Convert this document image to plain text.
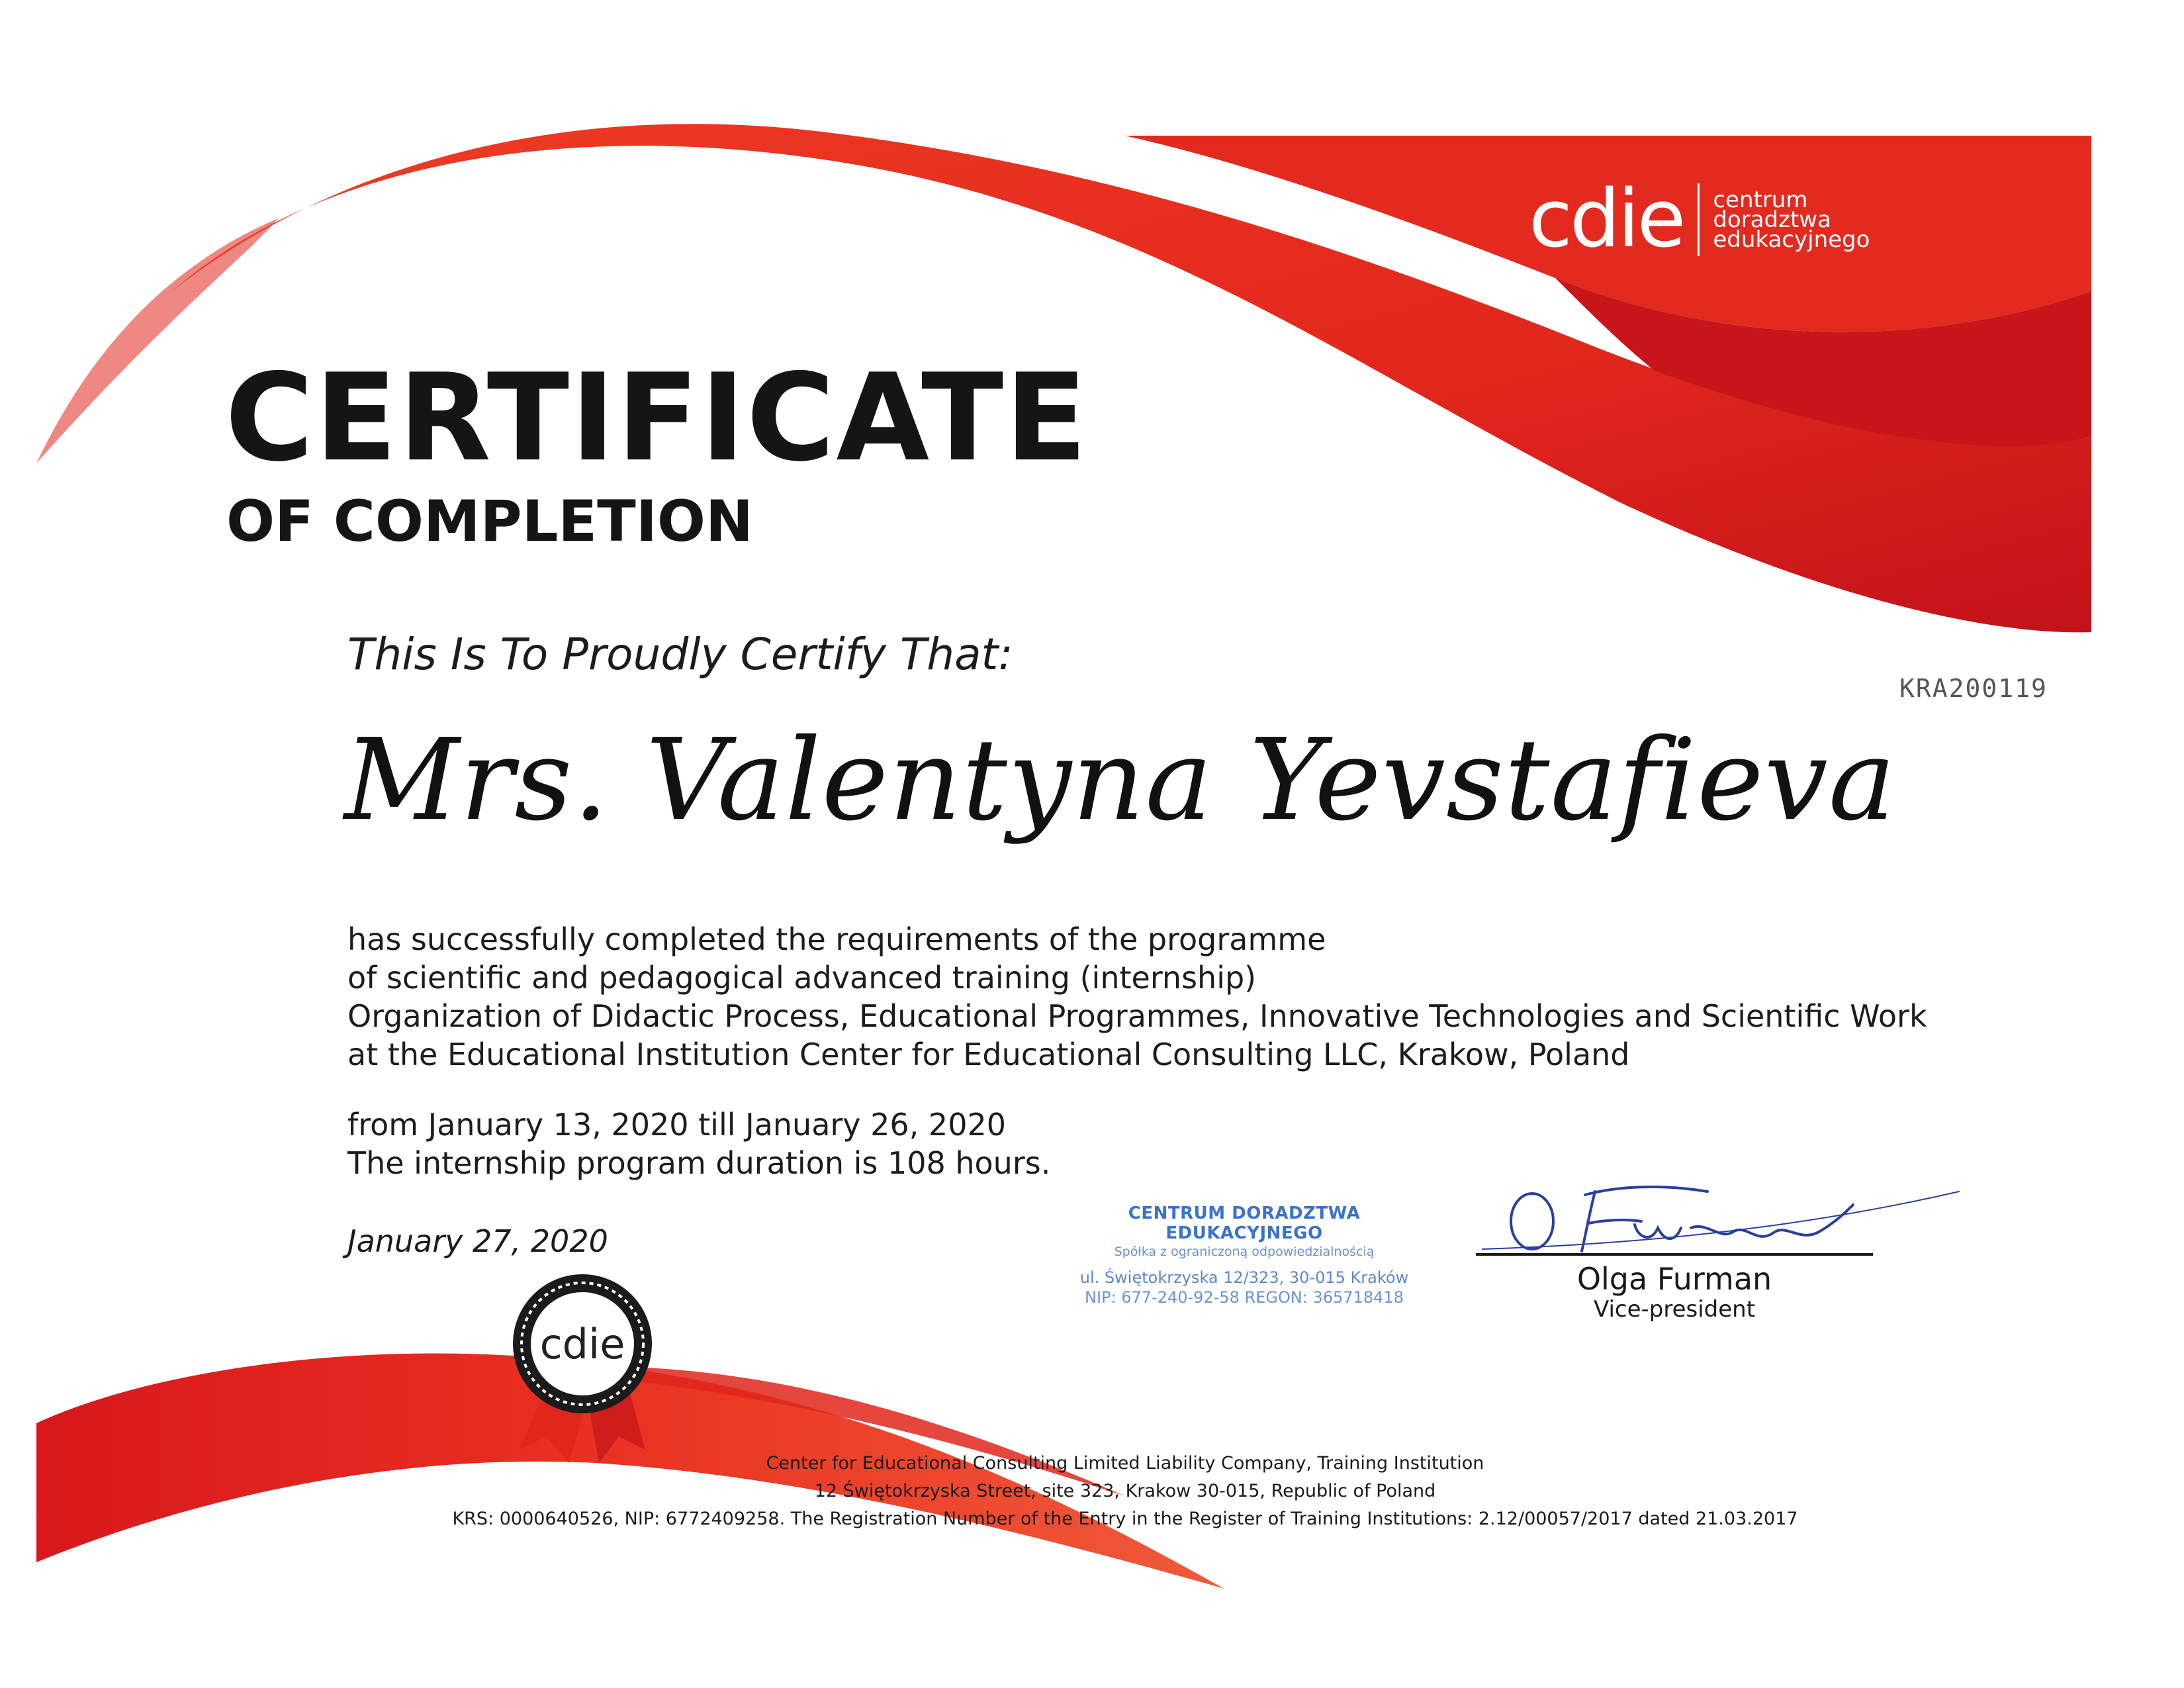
cdie
cdie centrum
doradztwa
edukacyjnego
CERTIFICATE
OF COMPLETION
KRA200119
This Is To Proudly Certify That:
Mrs. Valentyna Yevstafieva
has successfully completed the requirements of the programme
of scientific and pedagogical advanced training (internship)
Organization of Didactic Process, Educational Programmes, Innovative Technologies and Scientific Work
at the Educational Institution Center for Educational Consulting LLC, Krakow, Poland
from January 13, 2020 till January 26, 2020
The internship program duration is 108 hours.
January 27, 2020
CENTRUM DORADZTWA EDUKACYJNEGO
Spółka z ograniczoną odpowiedzialnością
ul. Świętokrzyska 12/323, 30-015 Kraków
NIP: 677-240-92-58 REGON: 365718418
Olga Furman
Vice-president
Center for Educational Consulting Limited Liability Company, Training Institution
12 Świętokrzyska Street, site 323, Krakow 30-015, Republic of Poland
KRS: 0000640526, NIP: 6772409258. The Registration Number of the Entry in the Register of Training Institutions: 2.12/00057/2017 dated 21.03.2017
